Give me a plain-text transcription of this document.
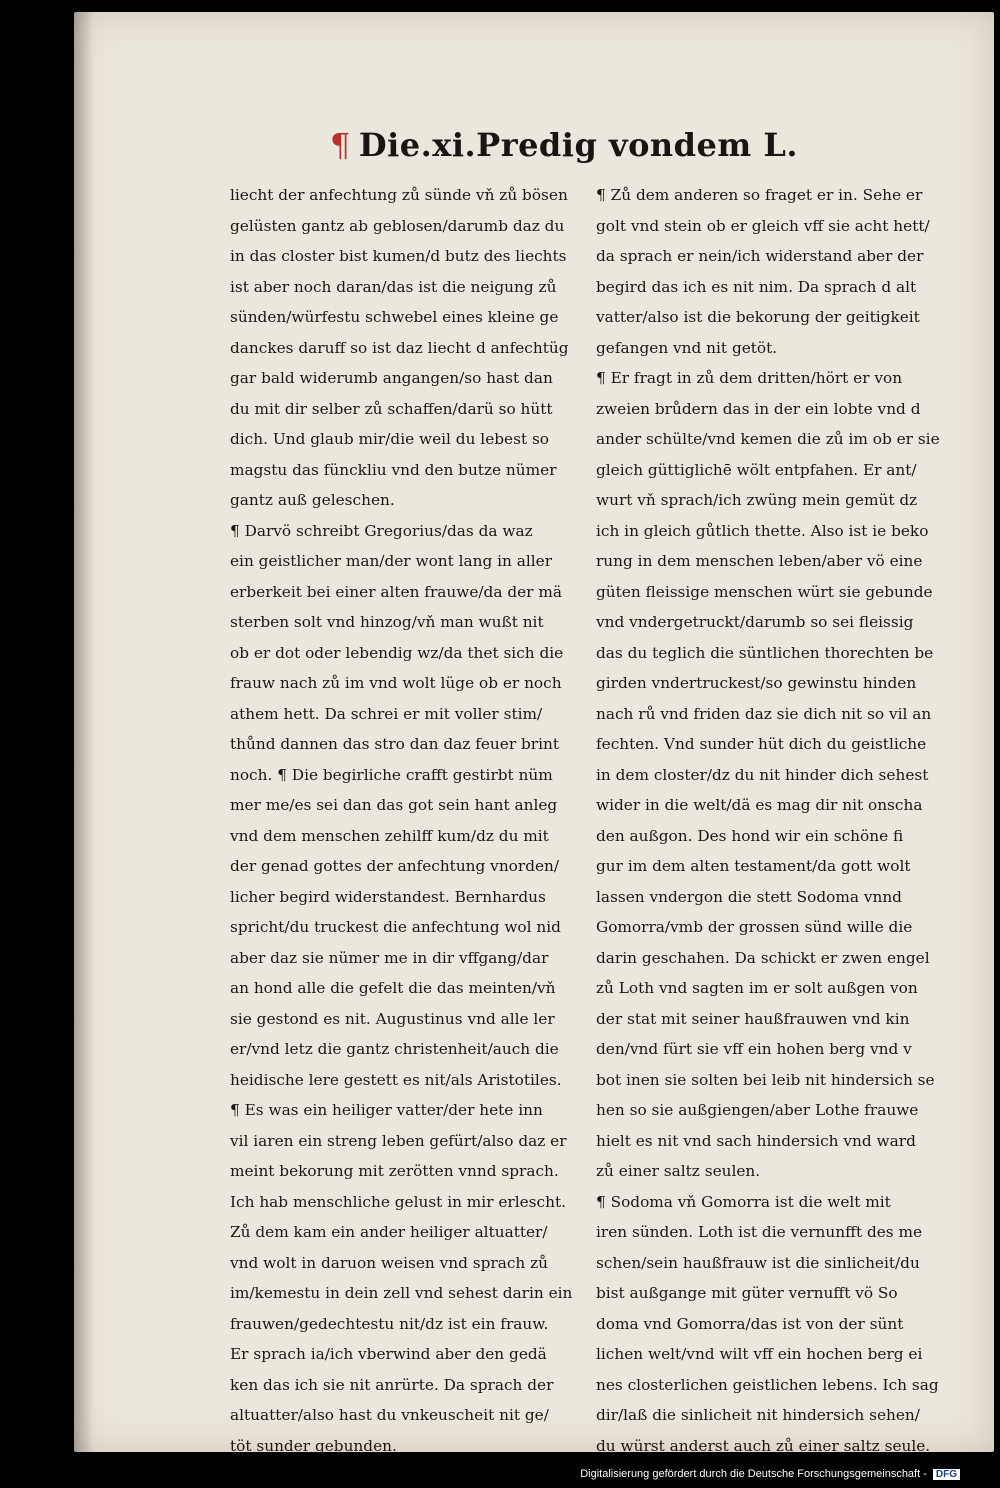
¶ Die.xi.Predig vondem L.
liecht der anfechtung zů sünde vň zů bösen
gelüsten gantz ab geblosen/darumb daz du
in das closter bist kumen/d butz des liechts
ist aber noch daran/das ist die neigung zů
sünden/würfestu schwebel eines kleine ge
danckes daruff so ist daz liecht d anfechtüg
gar bald widerumb angangen/so hast dan
du mit dir selber zů schaffen/darü so hütt
dich. Und glaub mir/die weil du lebest so
magstu das fünckliu vnd den butze nümer
gantz auß geleschen.
¶ Darvö schreibt Gregorius/das da waz
ein geistlicher man/der wont lang in aller
erberkeit bei einer alten frauwe/da der mä
sterben solt vnd hinzog/vň man wußt nit
ob er dot oder lebendig wz/da thet sich die
frauw nach zů im vnd wolt lüge ob er noch
athem hett. Da schrei er mit voller stim/
thůnd dannen das stro dan daz feuer brint
noch. ¶ Die begirliche crafft gestirbt nüm
mer me/es sei dan das got sein hant anleg
vnd dem menschen zehilff kum/dz du mit
der genad gottes der anfechtung vnorden/
licher begird widerstandest. Bernhardus
spricht/du truckest die anfechtung wol nid
aber daz sie nümer me in dir vffgang/dar
an hond alle die gefelt die das meinten/vň
sie gestond es nit. Augustinus vnd alle ler
er/vnd letz die gantz christenheit/auch die
heidische lere gestett es nit/als Aristotiles.
¶ Es was ein heiliger vatter/der hete inn
vil iaren ein streng leben gefürt/also daz er
meint bekorung mit zerötten vnnd sprach.
Ich hab menschliche gelust in mir erlescht.
Zů dem kam ein ander heiliger altuatter/
vnd wolt in daruon weisen vnd sprach zů
im/kemestu in dein zell vnd sehest darin ein
frauwen/gedechtestu nit/dz ist ein frauw.
Er sprach ia/ich vberwind aber den gedä
ken das ich sie nit anrürte. Da sprach der
altuatter/also hast du vnkeuscheit nit ge/
töt sunder gebunden.
¶ Zů dem anderen so fraget er in. Sehe er
golt vnd stein ob er gleich vff sie acht hett/
da sprach er nein/ich widerstand aber der
begird das ich es nit nim. Da sprach d alt
vatter/also ist die bekorung der geitigkeit
gefangen vnd nit getöt.
¶ Er fragt in zů dem dritten/hört er von
zweien brůdern das in der ein lobte vnd d
ander schülte/vnd kemen die zů im ob er sie
gleich güttiglichē wölt entpfahen. Er ant/
wurt vň sprach/ich zwüng mein gemüt dz
ich in gleich gůtlich thette. Also ist ie beko
rung in dem menschen leben/aber vö eine
güten fleissige menschen würt sie gebunde
vnd vndergetruckt/darumb so sei fleissig
das du teglich die süntlichen thorechten be
girden vndertruckest/so gewinstu hinden
nach rů vnd friden daz sie dich nit so vil an
fechten. Vnd sunder hüt dich du geistliche
in dem closter/dz du nit hinder dich sehest
wider in die welt/dä es mag dir nit onscha
den außgon. Des hond wir ein schöne fi
gur im dem alten testament/da gott wolt
lassen vndergon die stett Sodoma vnnd
Gomorra/vmb der grossen sünd wille die
darin geschahen. Da schickt er zwen engel
zů Loth vnd sagten im er solt außgen von
der stat mit seiner haußfrauwen vnd kin
den/vnd fürt sie vff ein hohen berg vnd v
bot inen sie solten bei leib nit hindersich se
hen so sie außgiengen/aber Lothe frauwe
hielt es nit vnd sach hindersich vnd ward
zů einer saltz seulen.
¶ Sodoma vň Gomorra ist die welt mit
iren sünden. Loth ist die vernunfft des me
schen/sein haußfrauw ist die sinlicheit/du
bist außgange mit güter vernufft vö So
doma vnd Gomorra/das ist von der sünt
lichen welt/vnd wilt vff ein hochen berg ei
nes closterlichen geistlichen lebens. Ich sag
dir/laß die sinlicheit nit hindersich sehen/
du würst anderst auch zů einer saltz seule.
Digitalisierung gefördert durch die Deutsche Forschungsgemeinschaft - DFG
